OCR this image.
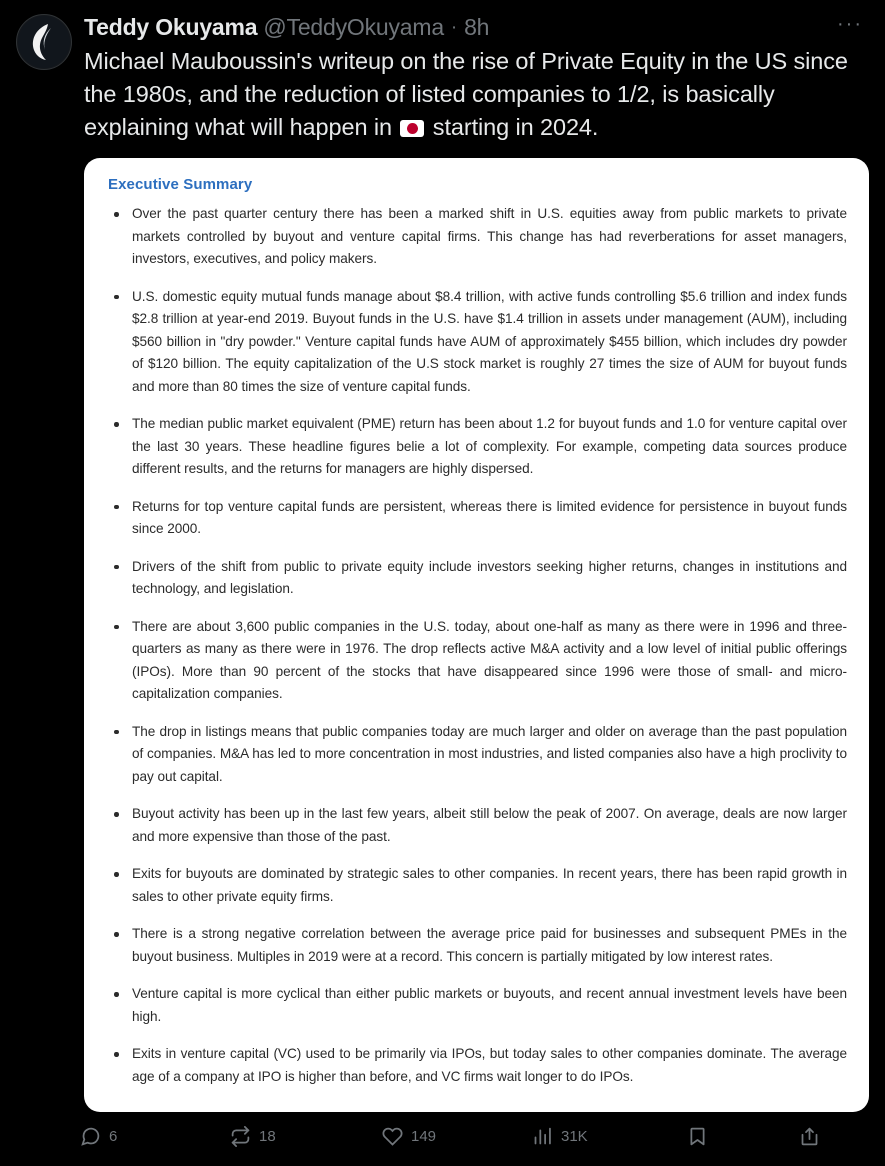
Teddy Okuyama @TeddyOkuyama · 8h
Michael Mauboussin's writeup on the rise of Private Equity in the US since the 1980s, and the reduction of listed companies to 1/2, is basically explaining what will happen in  starting in 2024.
Executive Summary
Over the past quarter century there has been a marked shift in U.S. equities away from public markets to private markets controlled by buyout and venture capital firms. This change has had reverberations for asset managers, investors, executives, and policy makers.
U.S. domestic equity mutual funds manage about $8.4 trillion, with active funds controlling $5.6 trillion and index funds $2.8 trillion at year-end 2019. Buyout funds in the U.S. have $1.4 trillion in assets under management (AUM), including $560 billion in "dry powder." Venture capital funds have AUM of approximately $455 billion, which includes dry powder of $120 billion. The equity capitalization of the U.S stock market is roughly 27 times the size of AUM for buyout funds and more than 80 times the size of venture capital funds.
The median public market equivalent (PME) return has been about 1.2 for buyout funds and 1.0 for venture capital over the last 30 years. These headline figures belie a lot of complexity. For example, competing data sources produce different results, and the returns for managers are highly dispersed.
Returns for top venture capital funds are persistent, whereas there is limited evidence for persistence in buyout funds since 2000.
Drivers of the shift from public to private equity include investors seeking higher returns, changes in institutions and technology, and legislation.
There are about 3,600 public companies in the U.S. today, about one-half as many as there were in 1996 and three-quarters as many as there were in 1976. The drop reflects active M&A activity and a low level of initial public offerings (IPOs). More than 90 percent of the stocks that have disappeared since 1996 were those of small- and micro-capitalization companies.
The drop in listings means that public companies today are much larger and older on average than the past population of companies. M&A has led to more concentration in most industries, and listed companies also have a high proclivity to pay out capital.
Buyout activity has been up in the last few years, albeit still below the peak of 2007. On average, deals are now larger and more expensive than those of the past.
Exits for buyouts are dominated by strategic sales to other companies. In recent years, there has been rapid growth in sales to other private equity firms.
There is a strong negative correlation between the average price paid for businesses and subsequent PMEs in the buyout business. Multiples in 2019 were at a record. This concern is partially mitigated by low interest rates.
Venture capital is more cyclical than either public markets or buyouts, and recent annual investment levels have been high.
Exits in venture capital (VC) used to be primarily via IPOs, but today sales to other companies dominate. The average age of a company at IPO is higher than before, and VC firms wait longer to do IPOs.
···
6	18	149	31K
